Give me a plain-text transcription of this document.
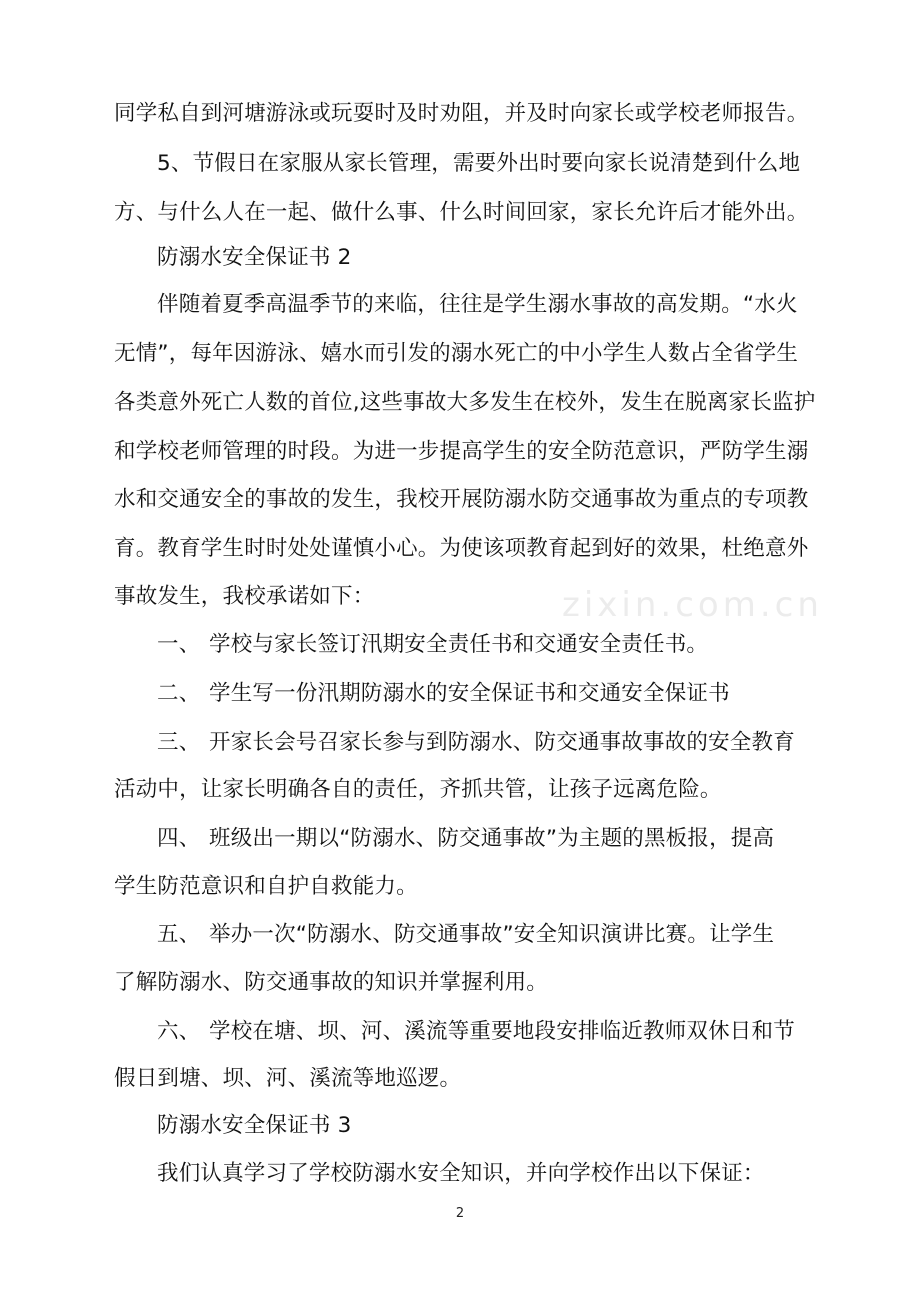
zixin.com.cn
同学私自到河塘游泳或玩耍时及时劝阻，并及时向家长或学校老师报告。
5、节假日在家服从家长管理，需要外出时要向家长说清楚到什么地
方、与什么人在一起、做什么事、什么时间回家，家长允许后才能外出。
防溺水安全保证书 2
伴随着夏季高温季节的来临，往往是学生溺水事故的高发期。“水火
无情”，每年因游泳、嬉水而引发的溺水死亡的中小学生人数占全省学生
各类意外死亡人数的首位,这些事故大多发生在校外，发生在脱离家长监护
和学校老师管理的时段。为进一步提高学生的安全防范意识，严防学生溺
水和交通安全的事故的发生，我校开展防溺水防交通事故为重点的专项教
育。教育学生时时处处谨慎小心。为使该项教育起到好的效果，杜绝意外
事故发生，我校承诺如下：
一、 学校与家长签订汛期安全责任书和交通安全责任书。
二、 学生写一份汛期防溺水的安全保证书和交通安全保证书
三、 开家长会号召家长参与到防溺水、防交通事故事故的安全教育
活动中，让家长明确各自的责任，齐抓共管，让孩子远离危险。
四、 班级出一期以“防溺水、防交通事故”为主题的黑板报，提高
学生防范意识和自护自救能力。
五、 举办一次“防溺水、防交通事故”安全知识演讲比赛。让学生
了解防溺水、防交通事故的知识并掌握利用。
六、 学校在塘、坝、河、溪流等重要地段安排临近教师双休日和节
假日到塘、坝、河、溪流等地巡逻。
防溺水安全保证书 3
我们认真学习了学校防溺水安全知识，并向学校作出以下保证：
2
